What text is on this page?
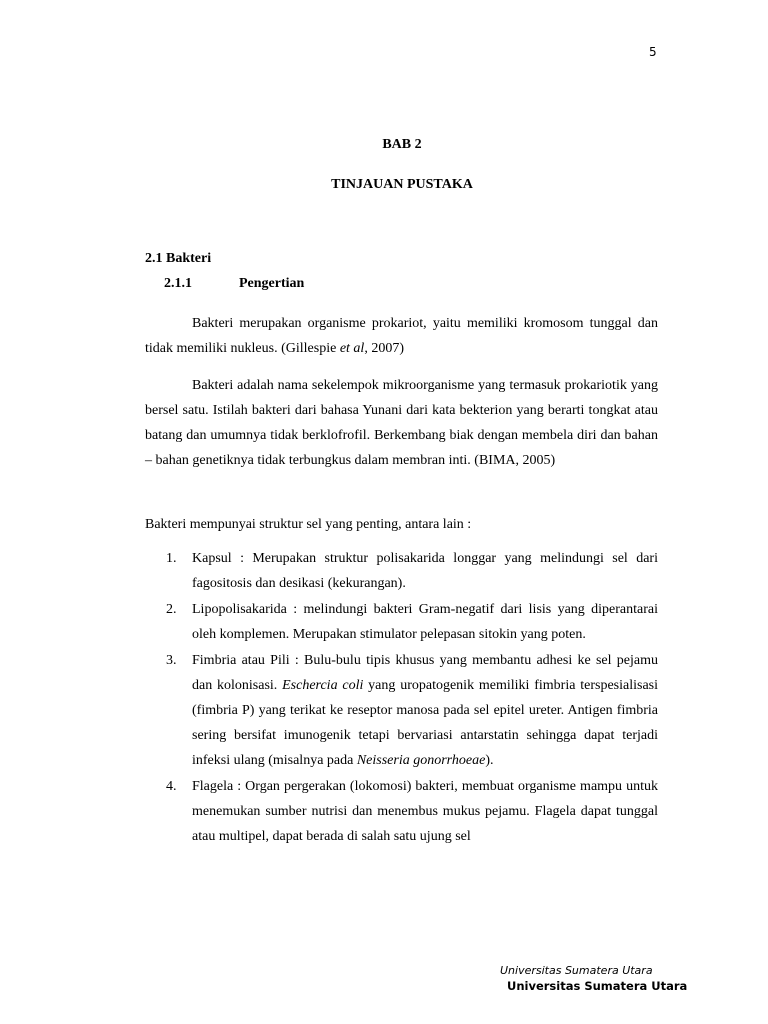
5
BAB 2
TINJAUAN PUSTAKA
2.1 Bakteri
2.1.1	Pengertian

Bakteri merupakan organisme prokariot, yaitu memiliki kromosom tunggal dan tidak memiliki nukleus. (Gillespie et al, 2007)

Bakteri adalah nama sekelempok mikroorganisme yang termasuk prokariotik yang bersel satu. Istilah bakteri dari bahasa Yunani dari kata bekterion yang berarti tongkat atau batang dan umumnya tidak berklofrofil. Berkembang biak dengan membela diri dan bahan – bahan genetiknya tidak terbungkus dalam membran inti. (BIMA, 2005)

Bakteri mempunyai struktur sel yang penting, antara lain :

1. Kapsul : Merupakan struktur polisakarida longgar yang melindungi sel dari fagositosis dan desikasi (kekurangan).
2. Lipopolisakarida : melindungi bakteri Gram-negatif dari lisis yang diperantarai oleh komplemen. Merupakan stimulator pelepasan sitokin yang poten.
3. Fimbria atau Pili : Bulu-bulu tipis khusus yang membantu adhesi ke sel pejamu dan kolonisasi. Eschercia coli yang uropatogenik memiliki fimbria terspesialisasi (fimbria P) yang terikat ke reseptor manosa pada sel epitel ureter. Antigen fimbria sering bersifat imunogenik tetapi bervariasi antarstatin sehingga dapat terjadi infeksi ulang (misalnya pada Neisseria gonorrhoeae).
4. Flagela : Organ pergerakan (lokomosi) bakteri, membuat organisme mampu untuk menemukan sumber nutrisi dan menembus mukus pejamu. Flagela dapat tunggal atau multipel, dapat berada di salah satu ujung sel
Universitas Sumatera Utara
Universitas Sumatera Utara
